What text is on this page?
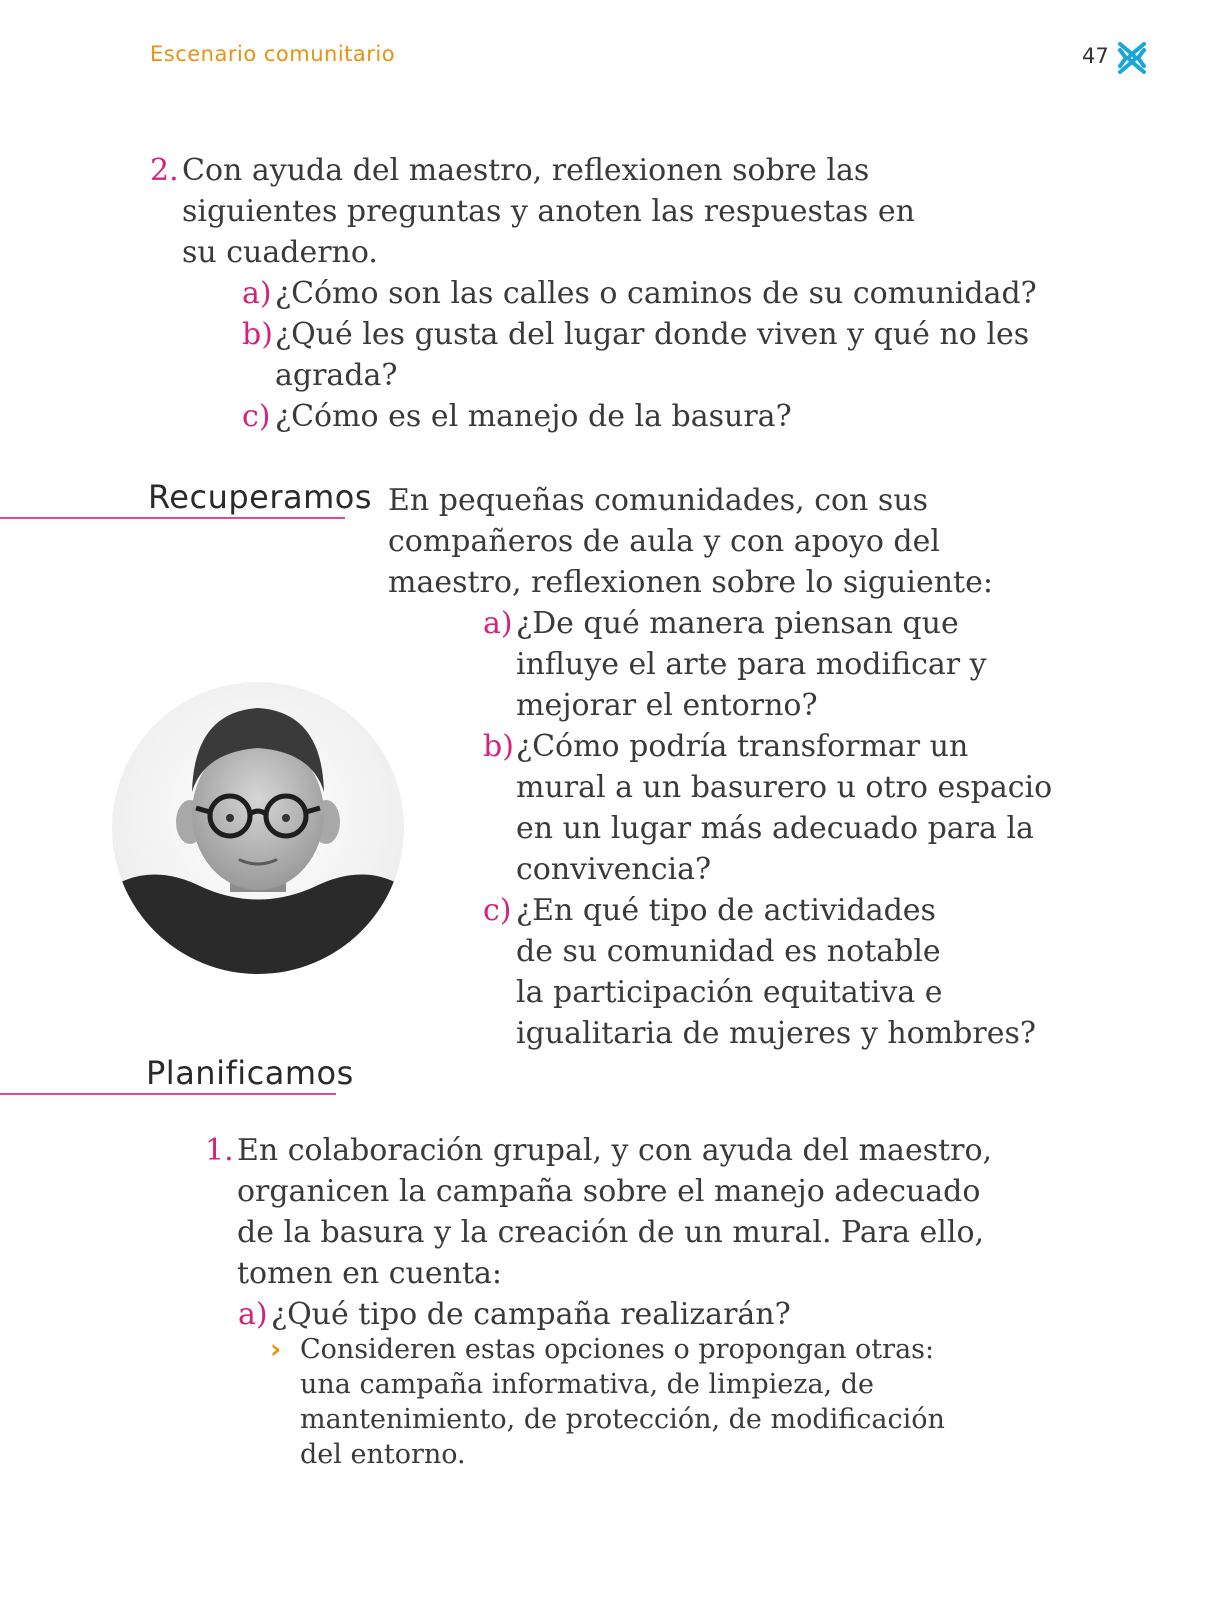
Escenario comunitario	47
2. Con ayuda del maestro, reflexionen sobre las
siguientes preguntas y anoten las respuestas en
su cuaderno.
a) ¿Cómo son las calles o caminos de su comunidad?
b) ¿Qué les gusta del lugar donde viven y qué no les
agrada?
c) ¿Cómo es el manejo de la basura?
Recuperamos En pequeñas comunidades, con sus
compañeros de aula y con apoyo del
maestro, reflexionen sobre lo siguiente:
a) ¿De qué manera piensan que
influye el arte para modificar y
mejorar el entorno?
b) ¿Cómo podría transformar un
mural a un basurero u otro espacio
en un lugar más adecuado para la
convivencia?
c) ¿En qué tipo de actividades
de su comunidad es notable
la participación equitativa e
igualitaria de mujeres y hombres?
Planificamos
1. En colaboración grupal, y con ayuda del maestro,
organicen la campaña sobre el manejo adecuado
de la basura y la creación de un mural. Para ello,
tomen en cuenta:
a) ¿Qué tipo de campaña realizarán?
› Consideren estas opciones o propongan otras:
una campaña informativa, de limpieza, de
mantenimiento, de protección, de modificación
del entorno.
